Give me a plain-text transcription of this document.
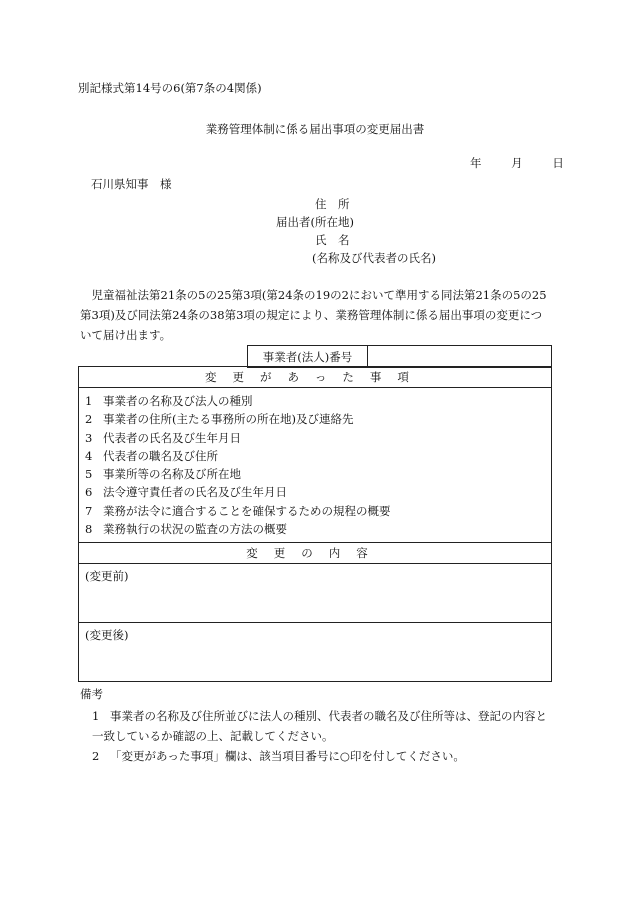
別記様式第14号の6(第7条の4関係)
業務管理体制に係る届出事項の変更届出書
年	月	日
石川県知事　様
住　所
届出者(所在地)
氏　名
(名称及び代表者の氏名)
児童福祉法第21条の5の25第3項(第24条の19の2において準用する同法第21条の5の25第3項)及び同法第24条の38第3項の規定により、業務管理体制に係る届出事項の変更について届け出ます。
事業者(法人)番号	
変更があった事項

1 事業者の名称及び法人の種別
2 事業者の住所(主たる事務所の所在地)及び連絡先
3 代表者の氏名及び生年月日
4 代表者の職名及び住所
5 事業所等の名称及び所在地
6 法令遵守責任者の氏名及び生年月日
7 業務が法令に適合することを確保するための規程の概要
8 業務執行の状況の監査の方法の概要

変更の内容
(変更前)
(変更後)
備考
1 事業者の名称及び住所並びに法人の種別、代表者の職名及び住所等は、登記の内容と
一致しているか確認の上、記載してください。
2 「変更があった事項」欄は、該当項目番号に○印を付してください。
